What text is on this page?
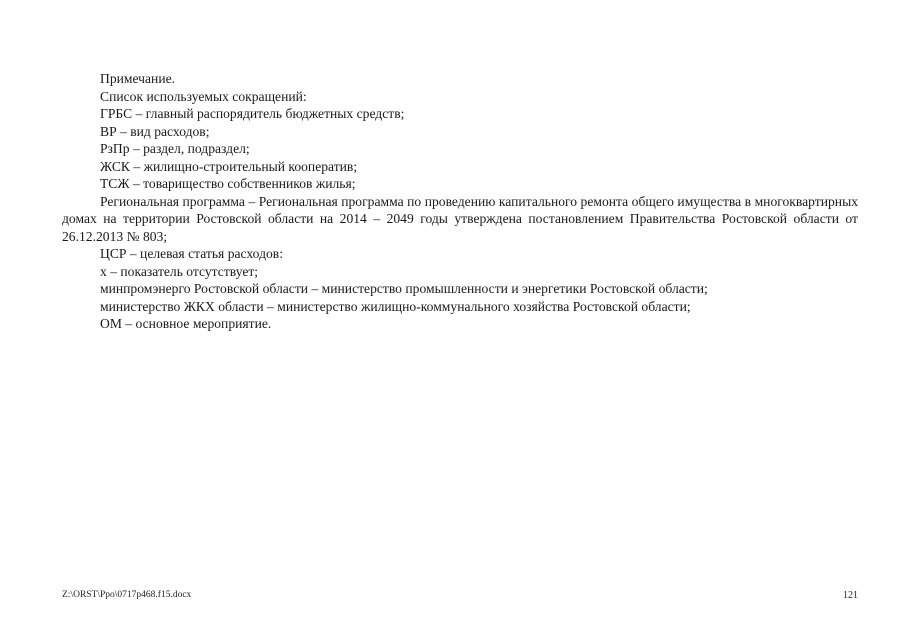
Примечание.

Список используемых сокращений:

ГРБС – главный распорядитель бюджетных средств;

ВР – вид расходов;

РзПр – раздел, подраздел;

ЖСК – жилищно-строительный кооператив;

ТСЖ – товарищество собственников жилья;

Региональная программа – Региональная программа по проведению капитального ремонта общего имущества в многоквартирных домах на территории Ростовской области на 2014 – 2049 годы утверждена постановлением Правительства Ростовской области от 26.12.2013 № 803;

ЦСР – целевая статья расходов:

х – показатель отсутствует;

минпромэнерго Ростовской области – министерство промышленности и энергетики Ростовской области;

министерство ЖКХ области – министерство жилищно-коммунального хозяйства Ростовской области;

ОМ – основное мероприятие.

Z:\ORST\Ppo\0717p468.f15.docx	121
